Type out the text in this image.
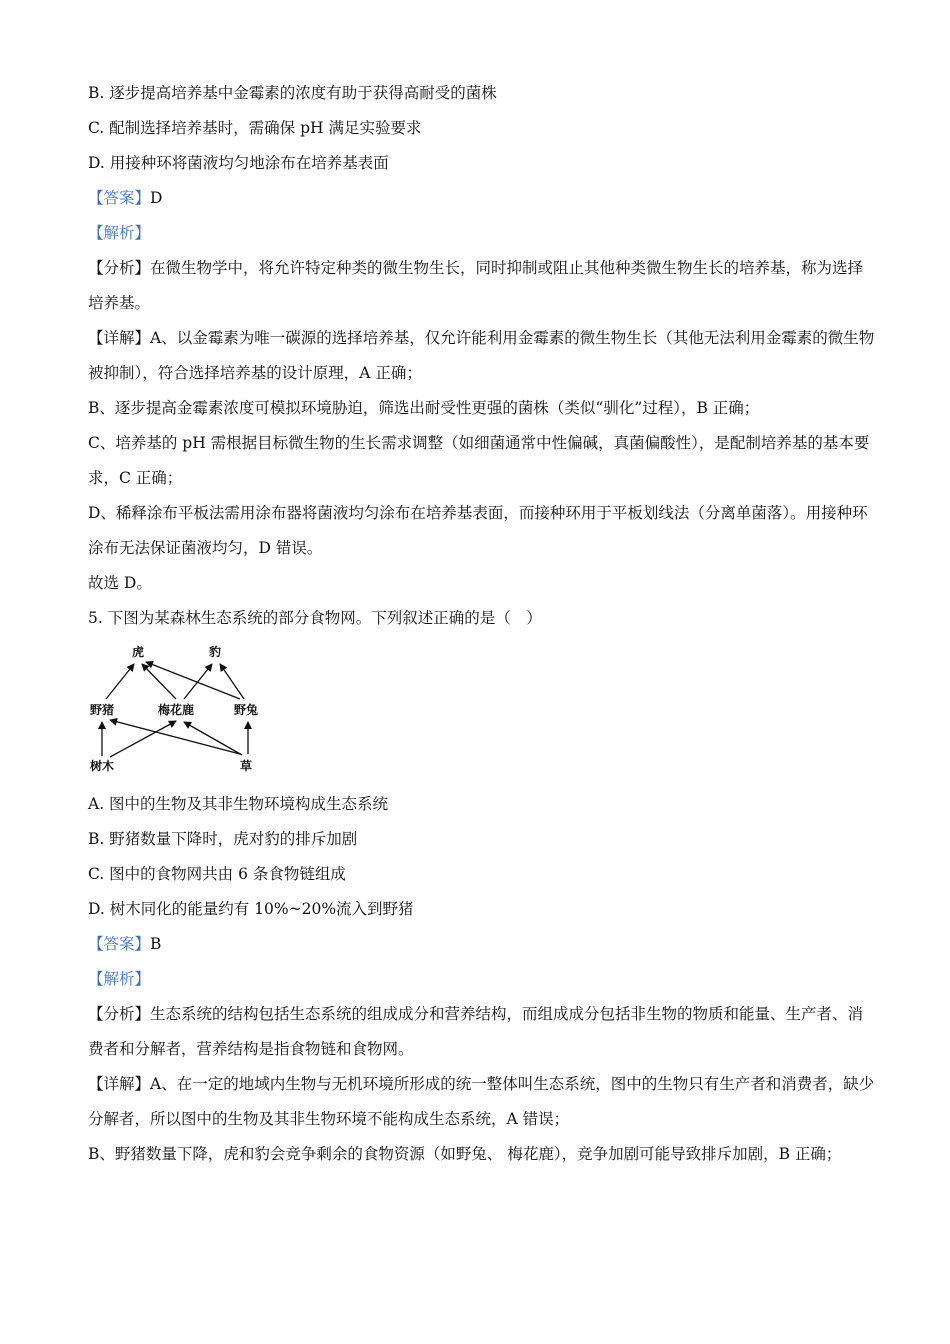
B. 逐步提高培养基中金霉素的浓度有助于获得高耐受的菌株
C. 配制选择培养基时，需确保 pH 满足实验要求
D. 用接种环将菌液均匀地涂布在培养基表面
【答案】D
【解析】
【分析】在微生物学中，将允许特定种类的微生物生长，同时抑制或阻止其他种类微生物生长的培养基，称为选择培养基。
【详解】A、以金霉素为唯一碳源的选择培养基，仅允许能利用金霉素的微生物生长（其他无法利用金霉素的微生物被抑制），符合选择培养基的设计原理，A 正确；
B、逐步提高金霉素浓度可模拟环境胁迫，筛选出耐受性更强的菌株（类似“驯化”过程），B 正确；
C、培养基的 pH 需根据目标微生物的生长需求调整（如细菌通常中性偏碱，真菌偏酸性），是配制培养基的基本要求，C 正确；
D、稀释涂布平板法需用涂布器将菌液均匀涂布在培养基表面，而接种环用于平板划线法（分离单菌落）。用接种环涂布无法保证菌液均匀，D 错误。
故选 D。
5. 下图为某森林生态系统的部分食物网。下列叙述正确的是（　）
虎	豹
野猪	梅花鹿	野兔
树木	草
A. 图中的生物及其非生物环境构成生态系统
B. 野猪数量下降时，虎对豹的排斥加剧
C. 图中的食物网共由 6 条食物链组成
D. 树木同化的能量约有 10%~20%流入到野猪
【答案】B
【解析】
【分析】生态系统的结构包括生态系统的组成成分和营养结构，而组成成分包括非生物的物质和能量、生产者、消费者和分解者，营养结构是指食物链和食物网。
【详解】A、在一定的地域内生物与无机环境所形成的统一整体叫生态系统，图中的生物只有生产者和消费者，缺少分解者，所以图中的生物及其非生物环境不能构成生态系统，A 错误；
B、野猪数量下降，虎和豹会竞争剩余的食物资源（如野兔、 梅花鹿），竞争加剧可能导致排斥加剧，B 正确；
